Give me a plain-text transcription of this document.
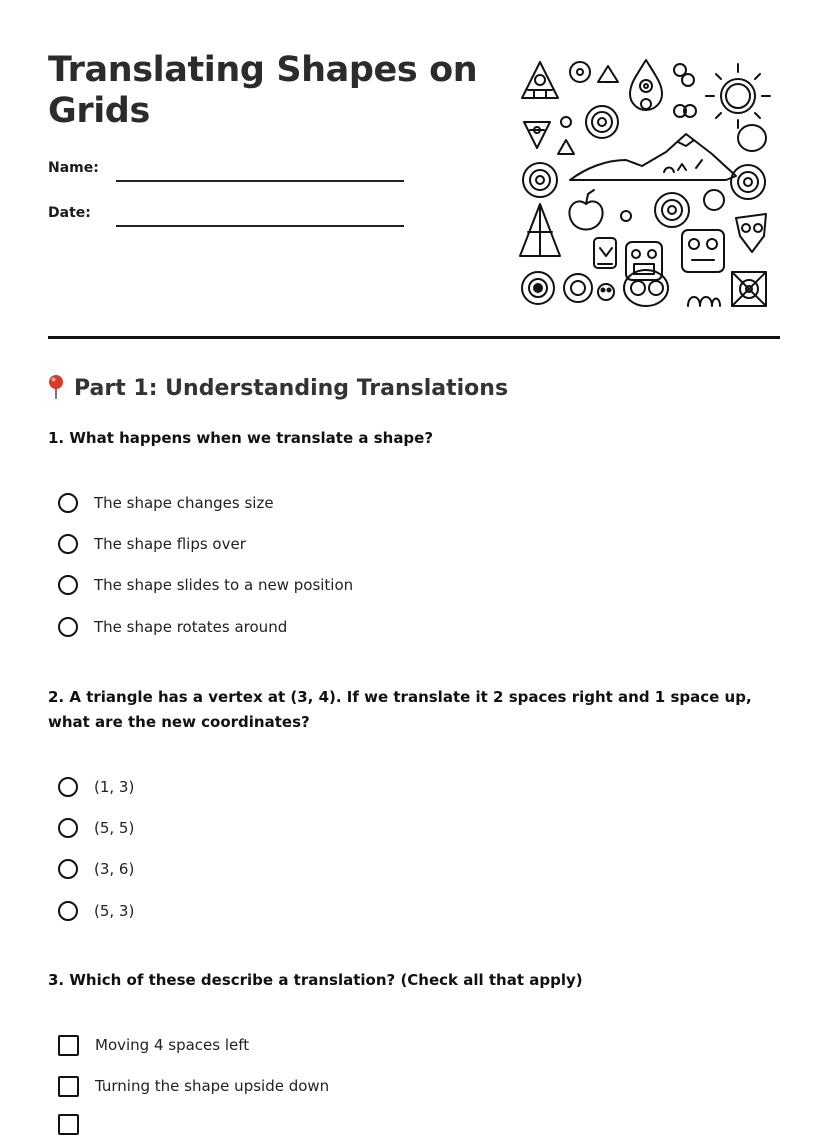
Translating Shapes on Grids
Name:
Date:
Part 1: Understanding Translations

1. What happens when we translate a shape?

The shape changes size
The shape flips over
The shape slides to a new position
The shape rotates around

2. A triangle has a vertex at (3, 4). If we translate it 2 spaces right and 1 space up, what are the new coordinates?

(1, 3)
(5, 5)
(3, 6)
(5, 3)

3. Which of these describe a translation? (Check all that apply)

Moving 4 spaces left
Turning the shape upside down
